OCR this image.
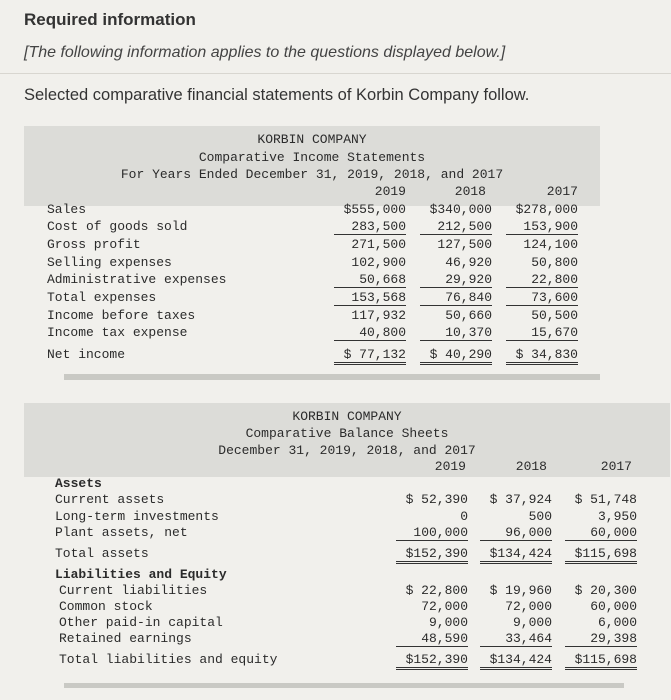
Required information
[The following information applies to the questions displayed below.]
Selected comparative financial statements of Korbin Company follow.
KORBIN COMPANY
Comparative Income Statements
For Years Ended December 31, 2019, 2018, and 2017
2019	2018	2017
Sales	$555,000	$340,000	$278,000
Cost of goods sold	283,500	212,500	153,900
Gross profit	271,500	127,500	124,100
Selling expenses	102,900	46,920	50,800
Administrative expenses	50,668	29,920	22,800
Total expenses	153,568	76,840	73,600
Income before taxes	117,932	50,660	50,500
Income tax expense	40,800	10,370	15,670
Net income	$ 77,132	$ 40,290	$ 34,830
KORBIN COMPANY
Comparative Balance Sheets
December 31, 2019, 2018, and 2017
2019	2018	2017
Assets
Current assets	$ 52,390	$ 37,924	$ 51,748
Long-term investments	0	500	3,950
Plant assets, net	100,000	96,000	60,000
Total assets	$152,390	$134,424	$115,698
Liabilities and Equity
Current liabilities	$ 22,800	$ 19,960	$ 20,300
Common stock	72,000	72,000	60,000
Other paid-in capital	9,000	9,000	6,000
Retained earnings	48,590	33,464	29,398
Total liabilities and equity	$152,390	$134,424	$115,698
